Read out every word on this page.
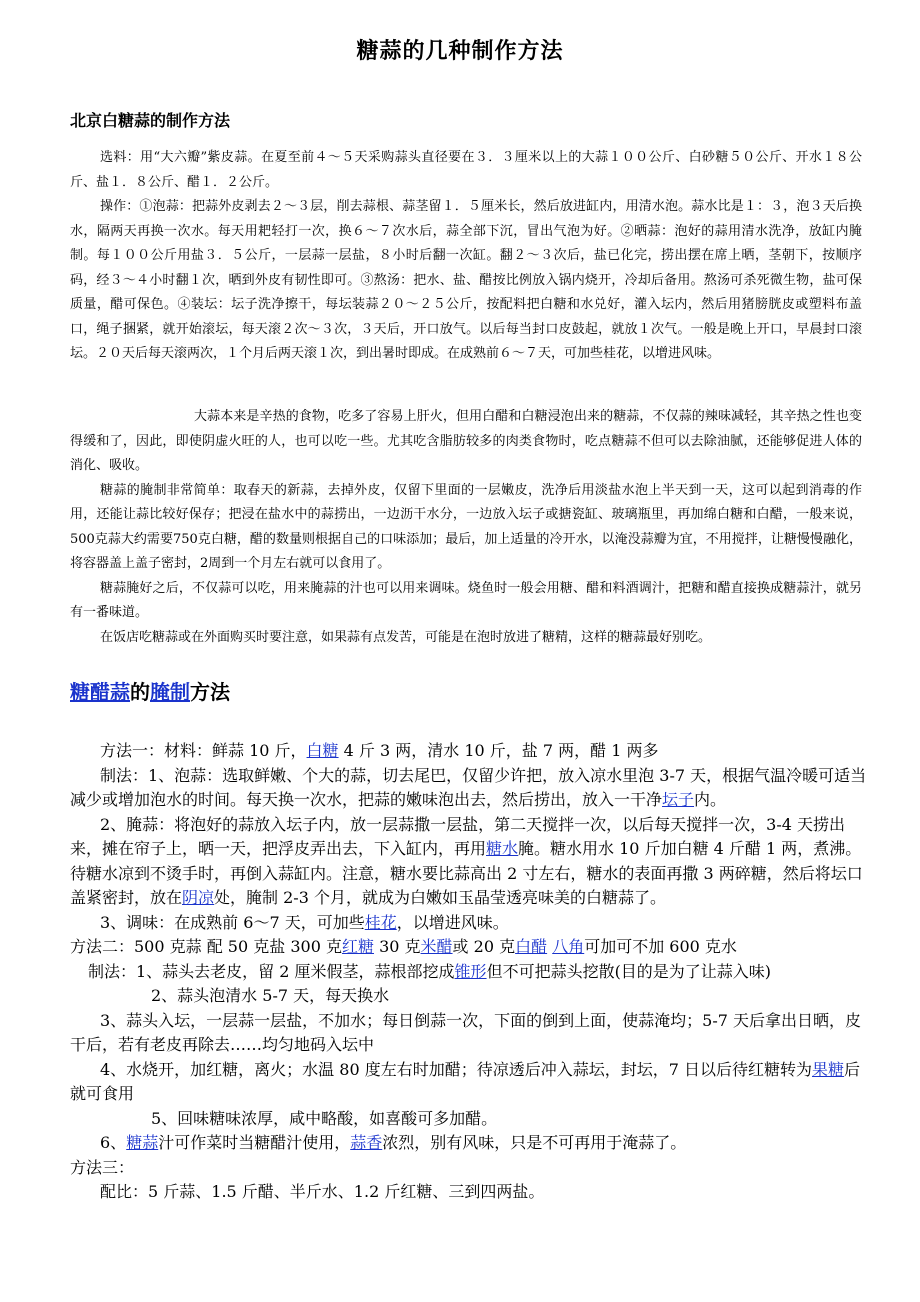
糖蒜的几种制作方法
北京白糖蒜的制作方法

选料：用“大六瓣”紫皮蒜。在夏至前４～５天采购蒜头直径要在３．３厘米以上的大蒜１００公斤、白砂糖５０公斤、开水１８公斤、盐１．８公斤、醋１．２公斤。

操作：①泡蒜：把蒜外皮剥去２～３层，削去蒜根、蒜茎留１．５厘米长，然后放进缸内，用清水泡。蒜水比是１：３，泡３天后换水，隔两天再换一次水。每天用耙轻打一次，换６～７次水后，蒜全部下沉，冒出气泡为好。②晒蒜：泡好的蒜用清水洗净，放缸内腌制。每１００公斤用盐３．５公斤，一层蒜一层盐，８小时后翻一次缸。翻２～３次后，盐已化完，捞出摆在席上晒，茎朝下，按顺序码，经３～４小时翻１次，晒到外皮有韧性即可。③熬汤：把水、盐、醋按比例放入锅内烧开，冷却后备用。熬汤可杀死微生物，盐可保质量，醋可保色。④装坛：坛子洗净擦干，每坛装蒜２０～２５公斤，按配料把白糖和水兑好，灌入坛内，然后用猪膀胱皮或塑料布盖口，绳子捆紧，就开始滚坛，每天滚２次～３次，３天后，开口放气。以后每当封口皮鼓起，就放１次气。一般是晚上开口，早晨封口滚坛。２０天后每天滚两次，１个月后两天滚１次，到出暑时即成。在成熟前６～７天，可加些桂花，以增进风味。

大蒜本来是辛热的食物，吃多了容易上肝火，但用白醋和白糖浸泡出来的糖蒜，不仅蒜的辣味减轻，其辛热之性也变得缓和了，因此，即使阴虚火旺的人，也可以吃一些。尤其吃含脂肪较多的肉类食物时，吃点糖蒜不但可以去除油腻，还能够促进人体的消化、吸收。

糖蒜的腌制非常简单：取春天的新蒜，去掉外皮，仅留下里面的一层嫩皮，洗净后用淡盐水泡上半天到一天，这可以起到消毒的作用，还能让蒜比较好保存；把浸在盐水中的蒜捞出，一边沥干水分，一边放入坛子或搪瓷缸、玻璃瓶里，再加绵白糖和白醋，一般来说，500克蒜大约需要750克白糖，醋的数量则根据自己的口味添加；最后，加上适量的冷开水，以淹没蒜瓣为宜，不用搅拌，让糖慢慢融化，将容器盖上盖子密封，2周到一个月左右就可以食用了。

糖蒜腌好之后，不仅蒜可以吃，用来腌蒜的汁也可以用来调味。烧鱼时一般会用糖、醋和料酒调汁，把糖和醋直接换成糖蒜汁，就另有一番味道。

在饭店吃糖蒜或在外面购买时要注意，如果蒜有点发苦，可能是在泡时放进了糖精，这样的糖蒜最好别吃。

糖醋蒜的腌制方法

方法一：材料：鲜蒜 10 斤，白糖 4 斤 3 两，清水 10 斤，盐 7 两，醋 1 两多

制法：1、泡蒜：选取鲜嫩、个大的蒜，切去尾巴，仅留少许把，放入凉水里泡 3-7 天，根据气温冷暖可适当减少或增加泡水的时间。每天换一次水，把蒜的嫩味泡出去，然后捞出，放入一干净坛子内。

2、腌蒜：将泡好的蒜放入坛子内，放一层蒜撒一层盐，第二天搅拌一次，以后每天搅拌一次，3-4 天捞出来，摊在帘子上，晒一天，把浮皮弄出去，下入缸内，再用糖水腌。糖水用水 10 斤加白糖 4 斤醋 1 两，煮沸。待糖水凉到不烫手时，再倒入蒜缸内。注意，糖水要比蒜高出 2 寸左右，糖水的表面再撒 3 两碎糖，然后将坛口盖紧密封，放在阴凉处，腌制 2-3 个月，就成为白嫩如玉晶莹透亮味美的白糖蒜了。

3、调味：在成熟前 6～7 天，可加些桂花，以增进风味。

方法二：500 克蒜 配 50 克盐 300 克红糖 30 克米醋或 20 克白醋 八角可加可不加 600 克水

制法：1、蒜头去老皮，留 2 厘米假茎，蒜根部挖成锥形但不可把蒜头挖散(目的是为了让蒜入味)

2、蒜头泡清水 5-7 天，每天换水

3、蒜头入坛，一层蒜一层盐，不加水；每日倒蒜一次，下面的倒到上面，使蒜淹均；5-7 天后拿出日晒，皮干后，若有老皮再除去……均匀地码入坛中

4、水烧开，加红糖，离火；水温 80 度左右时加醋；待凉透后冲入蒜坛，封坛，7 日以后待红糖转为果糖后就可食用

5、回味糖味浓厚，咸中略酸，如喜酸可多加醋。

6、糖蒜汁可作菜时当糖醋汁使用，蒜香浓烈，别有风味，只是不可再用于淹蒜了。

方法三：

配比：5 斤蒜、1.5 斤醋、半斤水、1.2 斤红糖、三到四两盐。
